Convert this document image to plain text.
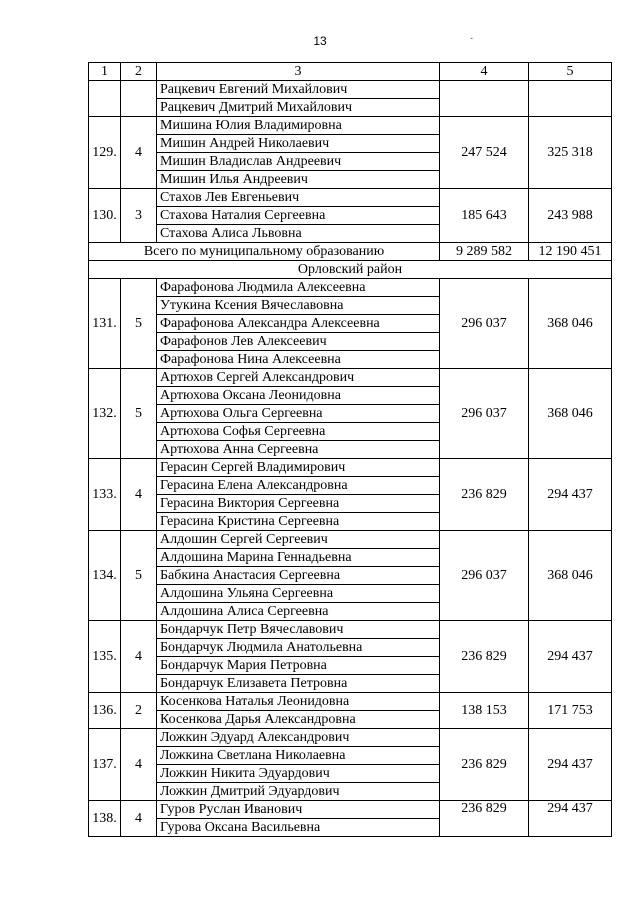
13	-
1	2	3	4	5
		Рацкевич Евгений Михайлович		
		Рацкевич Дмитрий Михайлович		
129.	4	Мишина Юлия Владимировна	247 524	325 318
		Мишин Андрей Николаевич		
		Мишин Владислав Андреевич		
		Мишин Илья Андреевич		
130.	3	Стахов Лев Евгеньевич	185 643	243 988
		Стахова Наталия Сергеевна		
		Стахова Алиса Львовна		
Всего по муниципальному образованию			9 289 582	12 190 451
Орловский район				
131.	5	Фарафонова Людмила Алексеевна	296 037	368 046
		Утукина Ксения Вячеславовна		
		Фарафонова Александра Алексеевна		
		Фарафонов Лев Алексеевич		
		Фарафонова Нина Алексеевна		
132.	5	Артюхов Сергей Александрович	296 037	368 046
		Артюхова Оксана Леонидовна		
		Артюхова Ольга Сергеевна		
		Артюхова Софья Сергеевна		
		Артюхова Анна Сергеевна		
133.	4	Герасин Сергей Владимирович	236 829	294 437
		Герасина Елена Александровна		
		Герасина Виктория Сергеевна		
		Герасина Кристина Сергеевна		
134.	5	Алдошин Сергей Сергеевич	296 037	368 046
		Алдошина Марина Геннадьевна		
		Бабкина Анастасия Сергеевна		
		Алдошина Ульяна Сергеевна		
		Алдошина Алиса Сергеевна		
135.	4	Бондарчук Петр Вячеславович	236 829	294 437
		Бондарчук Людмила Анатольевна		
		Бондарчук Мария Петровна		
		Бондарчук Елизавета Петровна		
136.	2	Косенкова Наталья Леонидовна	138 153	171 753
		Косенкова Дарья Александровна		
137.	4	Ложкин Эдуард Александрович	236 829	294 437
		Ложкина Светлана Николаевна		
		Ложкин Никита Эдуардович		
		Ложкин Дмитрий Эдуардович		
138.	4	Гуров Руслан Иванович	236 829	294 437
		Гурова Оксана Васильевна		
